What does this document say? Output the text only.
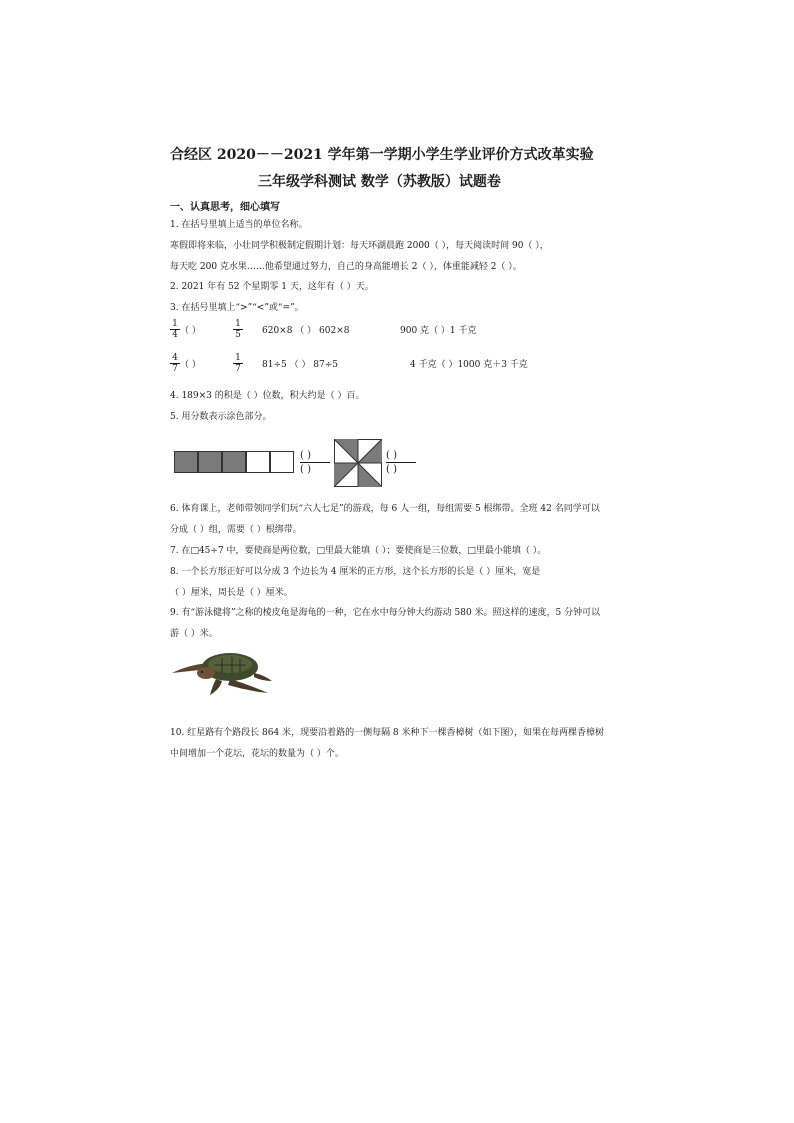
合经区 2020－－2021 学年第一学期小学生学业评价方式改革实验
三年级学科测试 数学（苏教版）试题卷
一、认真思考，细心填写
1. 在括号里填上适当的单位名称。
寒假即将来临，小壮同学积极制定假期计划：每天环湖晨跑 2000（ ），每天阅读时间 90（ ），
每天吃 200 克水果……他希望通过努力，自己的身高能增长 2（ ），体重能减轻 2（ ）。
2. 2021 年有 52 个星期零 1 天，这年有（ ）天。
3. 在括号里填上“>”“<”或“=”。
1
4 （ ）
1
5 620×8 （ ） 602×8	900 克（ ）1 千克
4
7 （ ）
1
7 81÷5 （ ） 87÷5	4 千克（ ）1000 克＋3 千克
4. 189×3 的积是（ ）位数，积大约是（ ）百。
5. 用分数表示涂色部分。
( )
( )
( )
( )
6. 体育课上，老师带领同学们玩“六人七足”的游戏，每 6 人一组，每组需要 5 根绑带。全班 42 名同学可以
分成（ ）组，需要（ ）根绑带。
7. 在□45÷7 中，要使商是两位数，□里最大能填（ ）；要使商是三位数，□里最小能填（ ）。
8. 一个长方形正好可以分成 3 个边长为 4 厘米的正方形，这个长方形的长是（ ）厘米，宽是
（ ）厘米，周长是（ ）厘米。
9. 有“游泳健将”之称的棱皮龟是海龟的一种，它在水中每分钟大约游动 580 米。照这样的速度，5 分钟可以
游（ ）米。
10. 红星路有个路段长 864 米，现要沿着路的一侧每隔 8 米种下一棵香樟树（如下图），如果在每两棵香樟树
中间增加一个花坛，花坛的数量为（ ）个。
